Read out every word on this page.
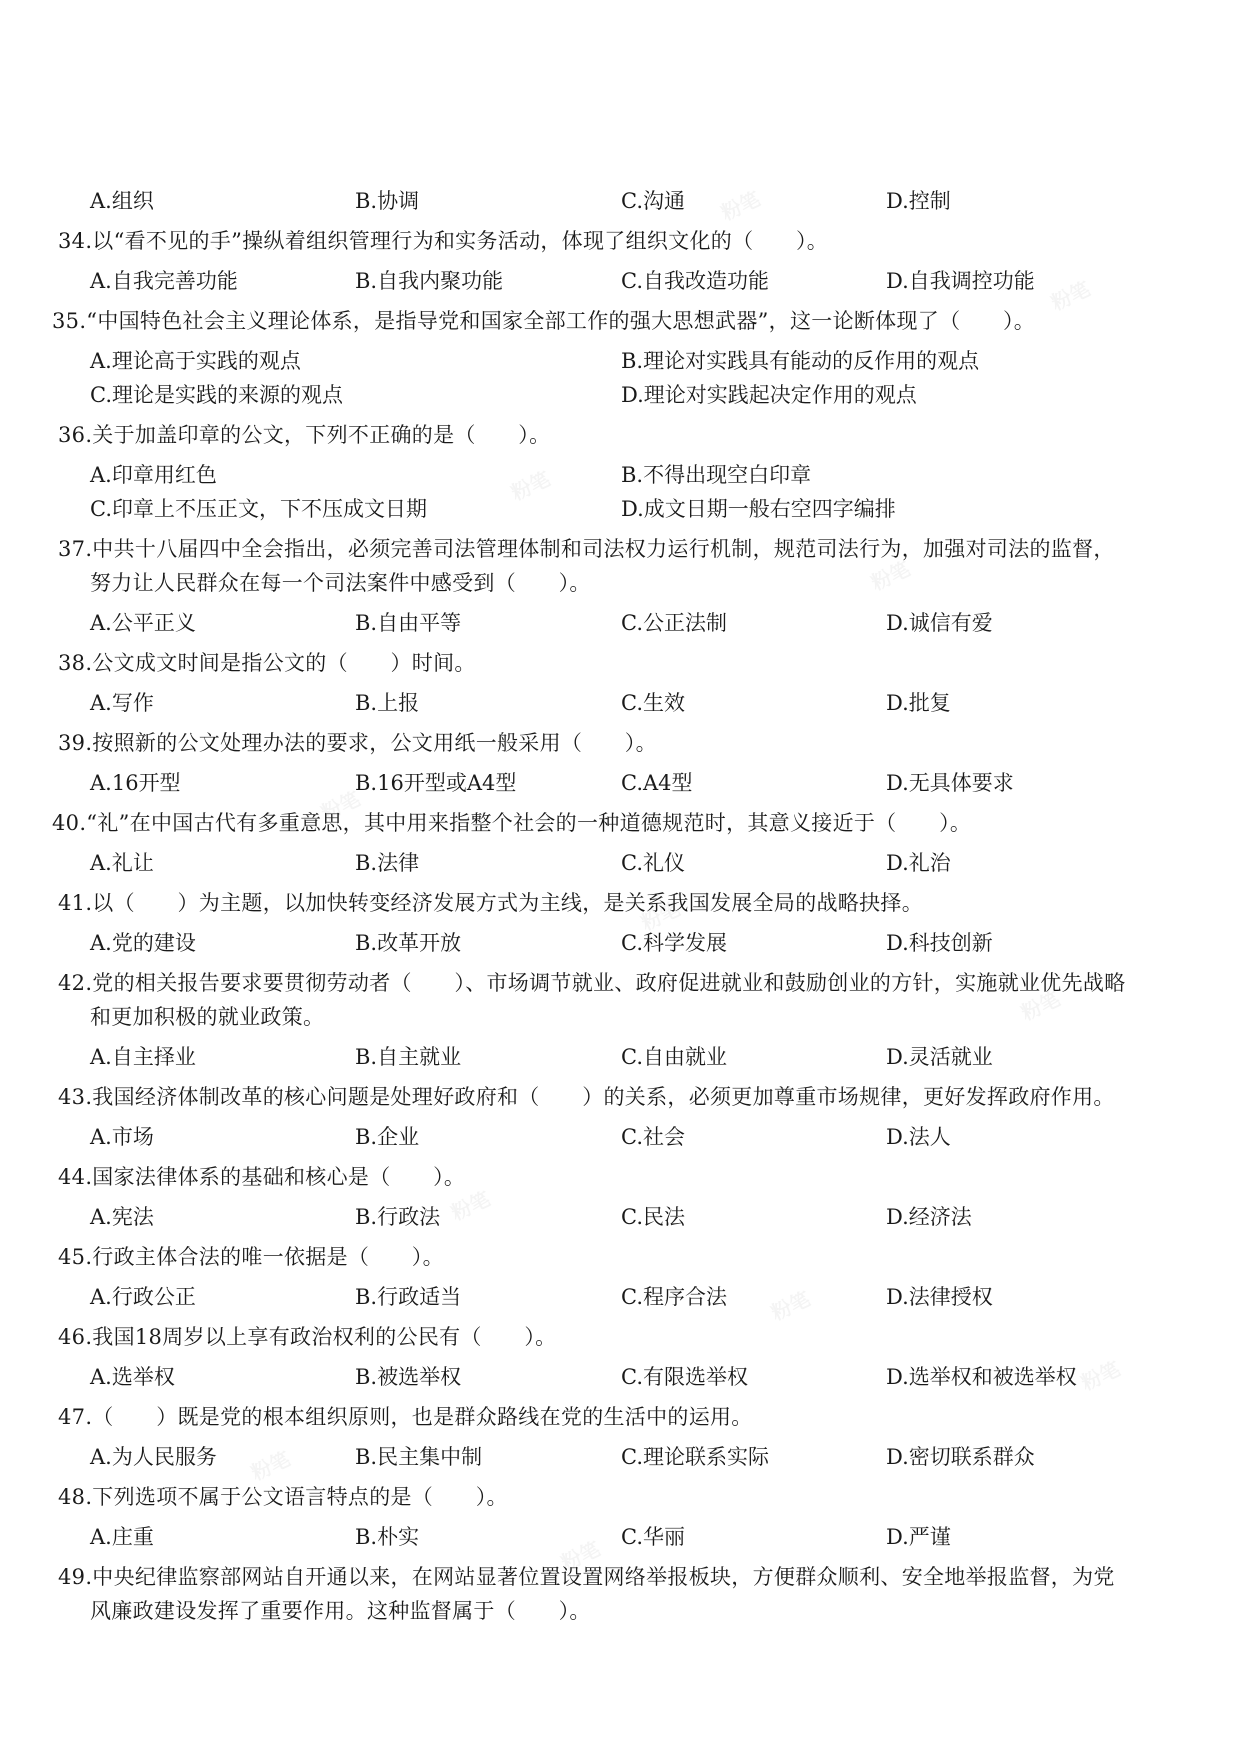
A.组织	B.协调	C.沟通	D.控制
34.以“看不见的手”操纵着组织管理行为和实务活动，体现了组织文化的（　　）。
A.自我完善功能	B.自我内聚功能	C.自我改造功能	D.自我调控功能
35.“中国特色社会主义理论体系，是指导党和国家全部工作的强大思想武器”，这一论断体现了（　　）。
A.理论高于实践的观点	B.理论对实践具有能动的反作用的观点
C.理论是实践的来源的观点	D.理论对实践起决定作用的观点
36.关于加盖印章的公文，下列不正确的是（　　）。
A.印章用红色	B.不得出现空白印章
C.印章上不压正文，下不压成文日期	D.成文日期一般右空四字编排
37.中共十八届四中全会指出，必须完善司法管理体制和司法权力运行机制，规范司法行为，加强对司法的监督，
努力让人民群众在每一个司法案件中感受到（　　）。
A.公平正义	B.自由平等	C.公正法制	D.诚信有爱
38.公文成文时间是指公文的（　　）时间。
A.写作	B.上报	C.生效	D.批复
39.按照新的公文处理办法的要求，公文用纸一般采用（　　）。
A.16开型	B.16开型或A4型	C.A4型	D.无具体要求
40.“礼”在中国古代有多重意思，其中用来指整个社会的一种道德规范时，其意义接近于（　　）。
A.礼让	B.法律	C.礼仪	D.礼治
41.以（　　）为主题，以加快转变经济发展方式为主线，是关系我国发展全局的战略抉择。
A.党的建设	B.改革开放	C.科学发展	D.科技创新
42.党的相关报告要求要贯彻劳动者（　　）、市场调节就业、政府促进就业和鼓励创业的方针，实施就业优先战略
和更加积极的就业政策。
A.自主择业	B.自主就业	C.自由就业	D.灵活就业
43.我国经济体制改革的核心问题是处理好政府和（　　）的关系，必须更加尊重市场规律，更好发挥政府作用。
A.市场	B.企业	C.社会	D.法人
44.国家法律体系的基础和核心是（　　）。
A.宪法	B.行政法	C.民法	D.经济法
45.行政主体合法的唯一依据是（　　）。
A.行政公正	B.行政适当	C.程序合法	D.法律授权
46.我国18周岁以上享有政治权利的公民有（　　）。
A.选举权	B.被选举权	C.有限选举权	D.选举权和被选举权
47.（　　）既是党的根本组织原则，也是群众路线在党的生活中的运用。
A.为人民服务	B.民主集中制	C.理论联系实际	D.密切联系群众
48.下列选项不属于公文语言特点的是（　　）。
A.庄重	B.朴实	C.华丽	D.严谨
49.中央纪律监察部网站自开通以来，在网站显著位置设置网络举报板块，方便群众顺利、安全地举报监督，为党
风廉政建设发挥了重要作用。这种监督属于（　　）。
